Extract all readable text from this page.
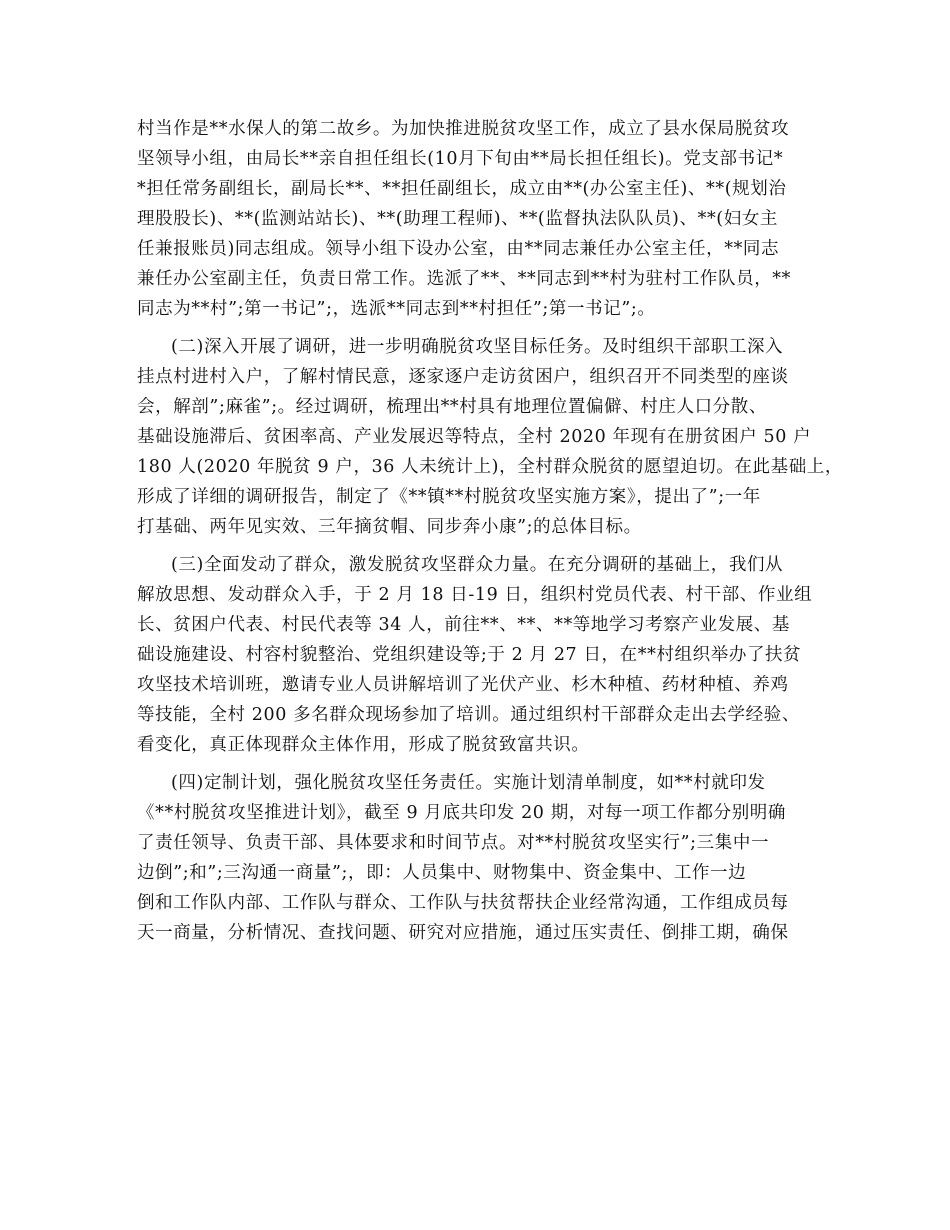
村当作是**水保人的第二故乡。为加快推进脱贫攻坚工作，成立了县水保局脱贫攻
坚领导小组，由局长**亲自担任组长(10月下旬由**局长担任组长)。党支部书记*
*担任常务副组长，副局长**、**担任副组长，成立由**(办公室主任)、**(规划治
理股股长)、**(监测站站长)、**(助理工程师)、**(监督执法队队员)、**(妇女主
任兼报账员)同志组成。领导小组下设办公室，由**同志兼任办公室主任，**同志
兼任办公室副主任，负责日常工作。选派了**、**同志到**村为驻村工作队员，**
同志为**村”;第一书记”;，选派**同志到**村担任”;第一书记”;。
(二)深入开展了调研，进一步明确脱贫攻坚目标任务。及时组织干部职工深入
挂点村进村入户，了解村情民意，逐家逐户走访贫困户，组织召开不同类型的座谈
会，解剖”;麻雀”;。经过调研，梳理出**村具有地理位置偏僻、村庄人口分散、
基础设施滞后、贫困率高、产业发展迟等特点，全村 2020 年现有在册贫困户 50 户
180 人(2020 年脱贫 9 户，36 人未统计上)，全村群众脱贫的愿望迫切。在此基础上，
形成了详细的调研报告，制定了《**镇**村脱贫攻坚实施方案》，提出了”;一年
打基础、两年见实效、三年摘贫帽、同步奔小康”;的总体目标。
(三)全面发动了群众，激发脱贫攻坚群众力量。在充分调研的基础上，我们从
解放思想、发动群众入手，于 2 月 18 日-19 日，组织村党员代表、村干部、作业组
长、贫困户代表、村民代表等 34 人，前往**、**、**等地学习考察产业发展、基
础设施建设、村容村貌整治、党组织建设等;于 2 月 27 日，在**村组织举办了扶贫
攻坚技术培训班，邀请专业人员讲解培训了光伏产业、杉木种植、药材种植、养鸡
等技能，全村 200 多名群众现场参加了培训。通过组织村干部群众走出去学经验、
看变化，真正体现群众主体作用，形成了脱贫致富共识。
(四)定制计划，强化脱贫攻坚任务责任。实施计划清单制度，如**村就印发
《**村脱贫攻坚推进计划》，截至 9 月底共印发 20 期，对每一项工作都分别明确
了责任领导、负责干部、具体要求和时间节点。对**村脱贫攻坚实行”;三集中一
边倒”;和”;三沟通一商量”;，即：人员集中、财物集中、资金集中、工作一边
倒和工作队内部、工作队与群众、工作队与扶贫帮扶企业经常沟通，工作组成员每
天一商量，分析情况、查找问题、研究对应措施，通过压实责任、倒排工期，确保
